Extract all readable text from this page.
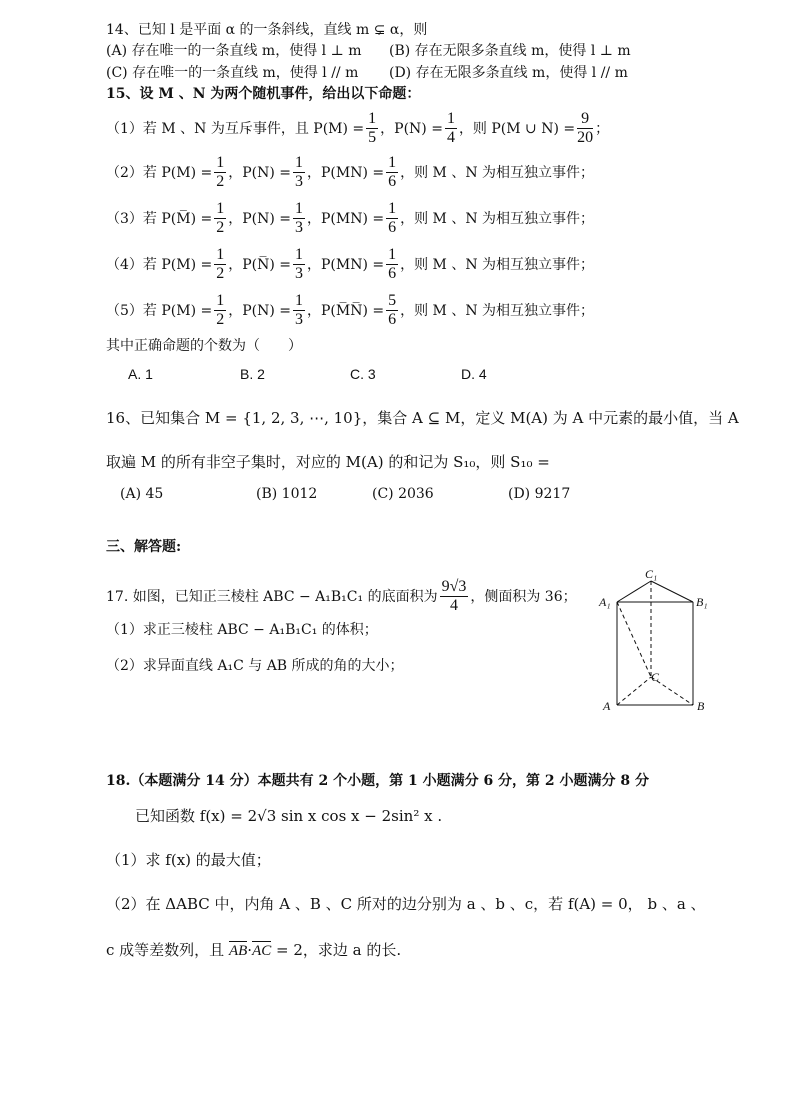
14、已知 l 是平面 α 的一条斜线，直线 m ⊊ α，则
(A) 存在唯一的一条直线 m，使得 l ⊥ m (B) 存在无限多条直线 m，使得 l ⊥ m
(C) 存在唯一的一条直线 m，使得 l // m (D) 存在无限多条直线 m，使得 l // m
15、设 M 、N 为两个随机事件，给出以下命题：
（1）若 M 、N 为互斥事件，且 $P(M) = \frac{1}{5}$ ，$P(N) = \frac{1}{4}$ ，则 P(M ∪ $N) = \frac{9}{20}$ ；
（2）若 $P(M) = \frac{1}{2}$ ，$P(N) = \frac{1}{3}$ ，$P(MN) = \frac{1}{6}$ ，则 M 、N 为相互独立事件；
（3）若 P(M̅) = $\frac{1}{2}$ ，$P(N) = \frac{1}{3}$ ，$P(MN) = \frac{1}{6}$ ，则 M 、N 为相互独立事件；
（4）若 $P(M) = \frac{1}{2}$ ，P(N̅) = $\frac{1}{3}$ ，$P(MN) = \frac{1}{6}$ ，则 M 、N 为相互独立事件；
（5）若 $P(M) = \frac{1}{2}$ ，$P(N) = \frac{1}{3}$ ，P(M̅N̅) = $\frac{5}{6}$ ，则 M 、N 为相互独立事件；
其中正确命题的个数为（　　）
A. 1	B. 2	C. 3	D. 4
16、已知集合 M = {1, 2, 3, ⋯, 10}，集合 A ⊆ M，定义 M(A) 为 A 中元素的最小值，当 A
取遍 M 的所有非空子集时，对应的 M(A) 的和记为 S₁₀，则 S₁₀ =
(A) 45	(B) 1012	(C) 2036	(D) 9217
三、解答题:
17. 如图，已知正三棱柱 ABC − A₁B₁C₁ 的底面积为 $\frac{9√3}{4}$ ，侧面积为 36；
（1）求正三棱柱 ABC − A₁B₁C₁ 的体积；
（2）求异面直线 A₁C 与 AB 所成的角的大小；
A₁	B₁
C₁
A	B
C
18.（本题满分 14 分）本题共有 2 个小题，第 1 小题满分 6 分，第 2 小题满分 8 分
已知函数 f(x) = 2√3 sin x cos x − 2sin² x .
（1）求 f(x) 的最大值；
（2）在 ΔABC 中，内角 A 、B 、C 所对的边分别为 a 、b 、c，若 f(A) = 0， b 、a 、
c 成等差数列，且 AB·AC = 2，求边 a 的长.
